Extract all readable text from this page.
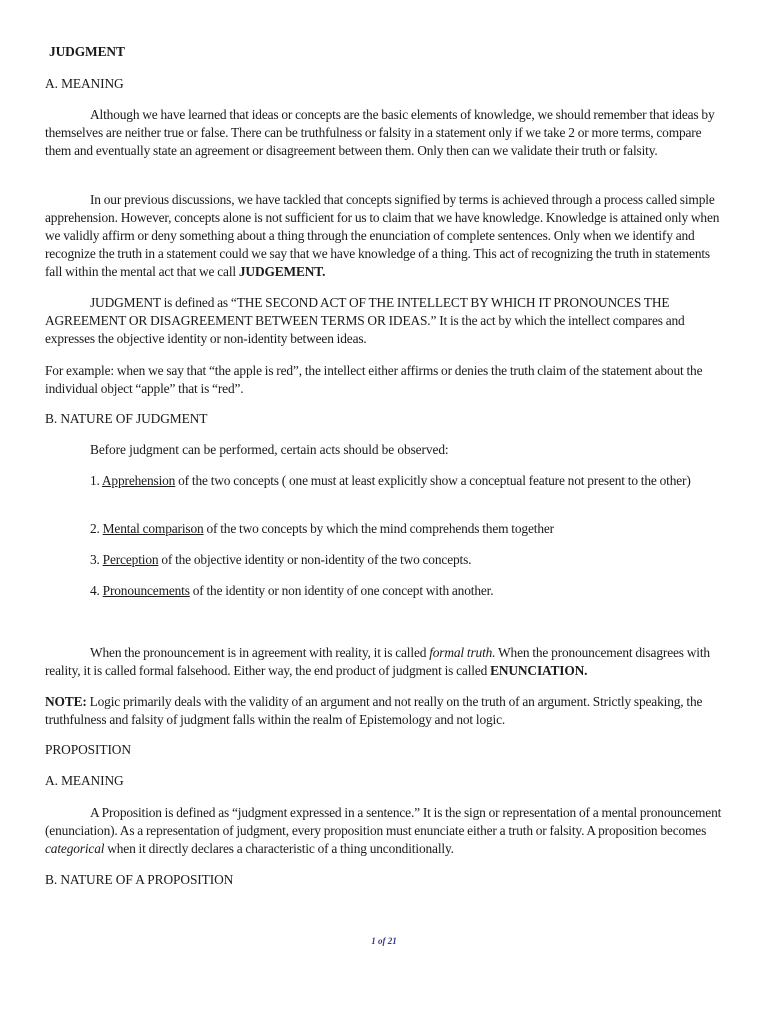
JUDGMENT
A. MEANING
Although we have learned that ideas or concepts are the basic elements of knowledge, we should remember that ideas by themselves are neither true or false. There can be truthfulness or falsity in a statement only if we take 2 or more terms, compare them and eventually state an agreement or disagreement between them. Only then can we validate their truth or falsity.
In our previous discussions, we have tackled that concepts signified by terms is achieved through a process called simple apprehension. However, concepts alone is not sufficient for us to claim that we have knowledge. Knowledge is attained only when we validly affirm or deny something about a thing through the enunciation of complete sentences. Only when we identify and recognize the truth in a statement could we say that we have knowledge of a thing. This act of recognizing the truth in statements fall within the mental act that we call JUDGEMENT.
JUDGMENT is defined as “THE SECOND ACT OF THE INTELLECT BY WHICH IT PRONOUNCES THE AGREEMENT OR DISAGREEMENT BETWEEN TERMS OR IDEAS.” It is the act by which the intellect compares and expresses the objective identity or non-identity between ideas.
For example: when we say that “the apple is red”, the intellect either affirms or denies the truth claim of the statement about the individual object “apple” that is “red”.
B. NATURE OF JUDGMENT
Before judgment can be performed, certain acts should be observed:
1. Apprehension of the two concepts ( one must at least explicitly show a conceptual feature not present to the other)
2. Mental comparison of the two concepts by which the mind comprehends them together
3. Perception of the objective identity or non-identity of the two concepts.
4. Pronouncements of the identity or non identity of one concept with another.
When the pronouncement is in agreement with reality, it is called formal truth. When the pronouncement disagrees with reality, it is called formal falsehood. Either way, the end product of judgment is called ENUNCIATION.
NOTE: Logic primarily deals with the validity of an argument and not really on the truth of an argument. Strictly speaking, the truthfulness and falsity of judgment falls within the realm of Epistemology and not logic.
PROPOSITION
A. MEANING
A Proposition is defined as “judgment expressed in a sentence.” It is the sign or representation of a mental pronouncement (enunciation). As a representation of judgment, every proposition must enunciate either a truth or falsity. A proposition becomes categorical when it directly declares a characteristic of a thing unconditionally.
B. NATURE OF A PROPOSITION
1 of 21
